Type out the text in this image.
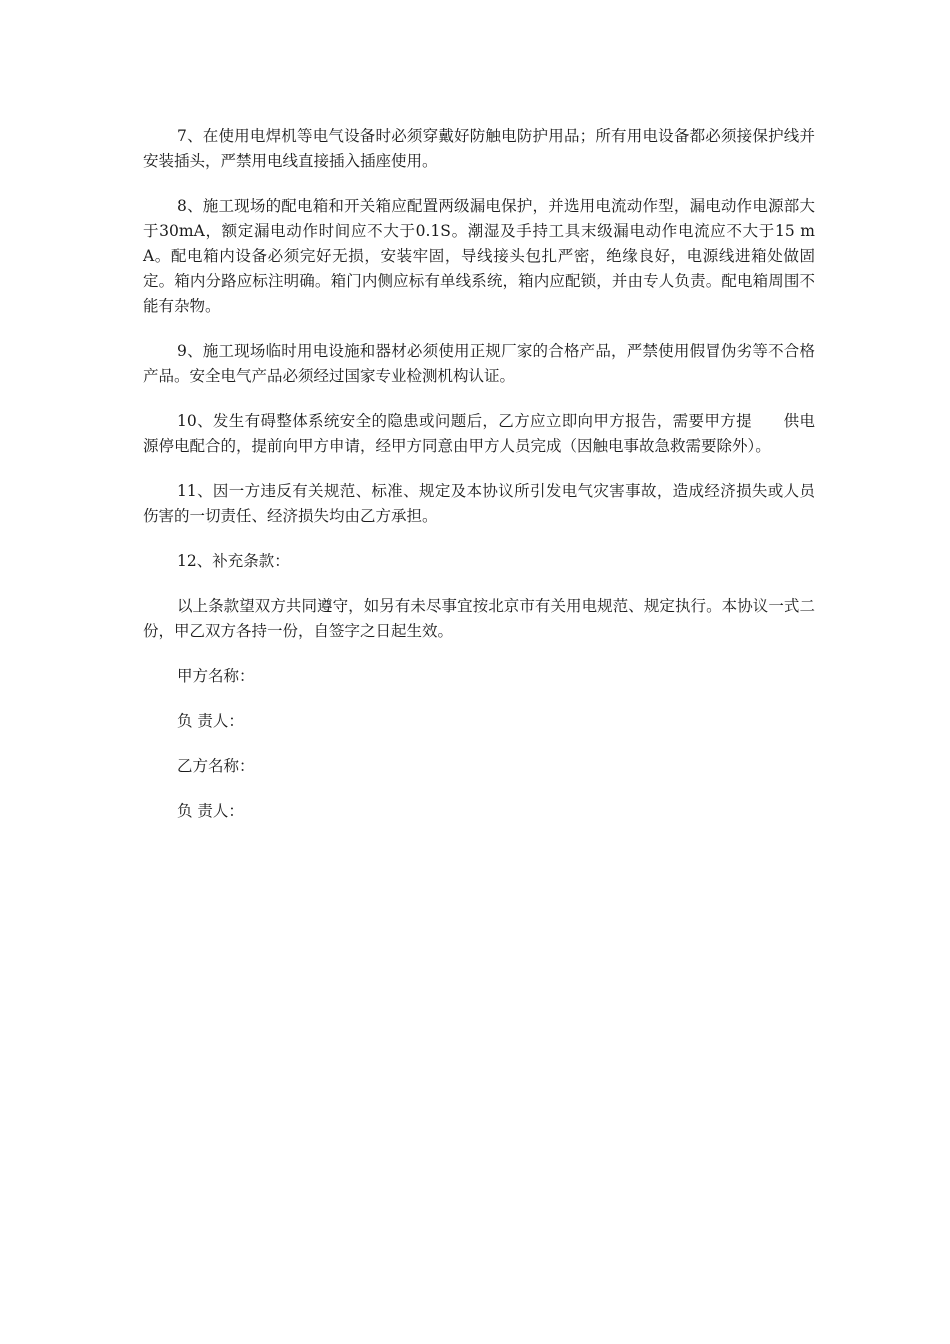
7、在使用电焊机等电气设备时必须穿戴好防触电防护用品；所有用电设备都必须接保护线并安装插头，严禁用电线直接插入插座使用。

8、施工现场的配电箱和开关箱应配置两级漏电保护，并选用电流动作型，漏电动作电源部大于30mA，额定漏电动作时间应不大于0.1S。潮湿及手持工具末级漏电动作电流应不大于15 mA。配电箱内设备必须完好无损，安装牢固，导线接头包扎严密，绝缘良好，电源线进箱处做固定。箱内分路应标注明确。箱门内侧应标有单线系统，箱内应配锁，并由专人负责。配电箱周围不能有杂物。

9、施工现场临时用电设施和器材必须使用正规厂家的合格产品，严禁使用假冒伪劣等不合格产品。安全电气产品必须经过国家专业检测机构认证。

10、发生有碍整体系统安全的隐患或问题后，乙方应立即向甲方报告，需要甲方提　　供电源停电配合的，提前向甲方申请，经甲方同意由甲方人员完成（因触电事故急救需要除外）。

11、因一方违反有关规范、标准、规定及本协议所引发电气灾害事故，造成经济损失或人员伤害的一切责任、经济损失均由乙方承担。

12、补充条款：

以上条款望双方共同遵守，如另有未尽事宜按北京市有关用电规范、规定执行。本协议一式二份，甲乙双方各持一份，自签字之日起生效。

甲方名称：

负 责人：

乙方名称：

负 责人：
